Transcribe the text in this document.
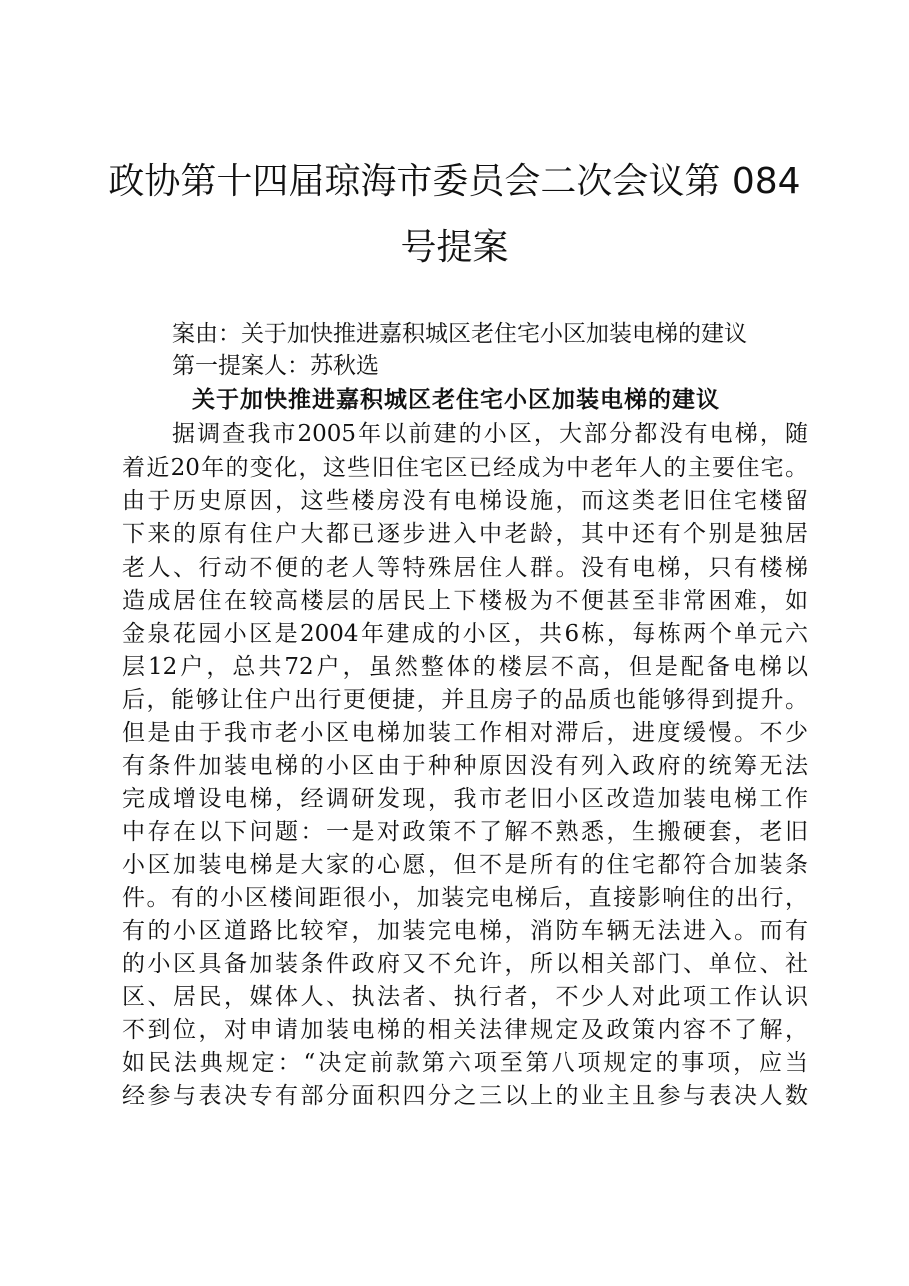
政协第十四届琼海市委员会二次会议第 084
号提案

案由：关于加快推进嘉积城区老住宅小区加装电梯的建议

第一提案人：苏秋选

关于加快推进嘉积城区老住宅小区加装电梯的建议

据调查我市2005年以前建的小区，大部分都没有电梯，随

着近20年的变化，这些旧住宅区已经成为中老年人的主要住宅。

由于历史原因，这些楼房没有电梯设施，而这类老旧住宅楼留

下来的原有住户大都已逐步进入中老龄，其中还有个别是独居

老人、行动不便的老人等特殊居住人群。没有电梯，只有楼梯

造成居住在较高楼层的居民上下楼极为不便甚至非常困难，如

金泉花园小区是2004年建成的小区，共6栋，每栋两个单元六

层12户，总共72户，虽然整体的楼层不高，但是配备电梯以

后，能够让住户出行更便捷，并且房子的品质也能够得到提升。

但是由于我市老小区电梯加装工作相对滞后，进度缓慢。不少

有条件加装电梯的小区由于种种原因没有列入政府的统筹无法

完成增设电梯，经调研发现，我市老旧小区改造加装电梯工作

中存在以下问题：一是对政策不了解不熟悉，生搬硬套，老旧

小区加装电梯是大家的心愿，但不是所有的住宅都符合加装条

件。有的小区楼间距很小，加装完电梯后，直接影响住的出行，

有的小区道路比较窄，加装完电梯，消防车辆无法进入。而有

的小区具备加装条件政府又不允许，所以相关部门、单位、社

区、居民，媒体人、执法者、执行者，不少人对此项工作认识

不到位，对申请加装电梯的相关法律规定及政策内容不了解，

如民法典规定：“决定前款第六项至第八项规定的事项，应当

经参与表决专有部分面积四分之三以上的业主且参与表决人数
